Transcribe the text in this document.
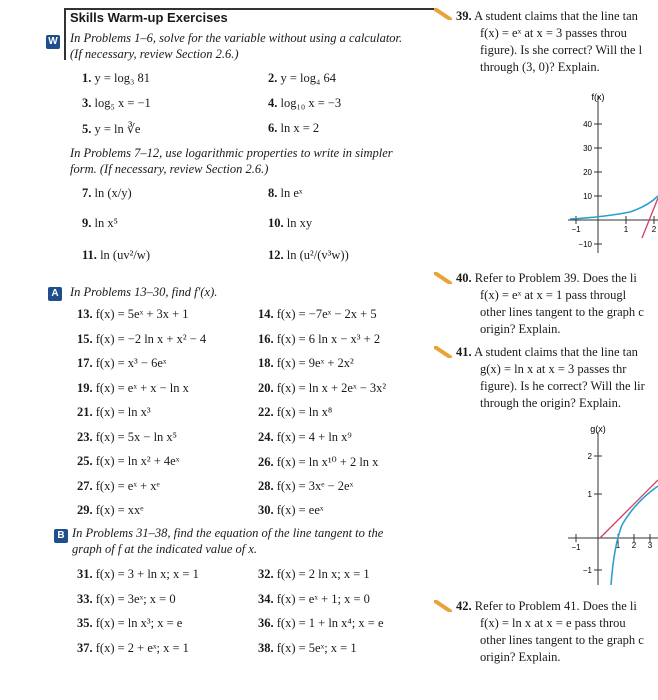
Skills Warm-up Exercises
W In Problems 1–6, solve for the variable without using a calculator.
(If necessary, review Section 2.6.)
1. y = log₃ 81	2. y = log₄ 64
3. log₅ x = −1	4. log₁₀ x = −3
5. y = ln ∛e	6. ln x = 2
In Problems 7–12, use logarithmic properties to write in simpler
form. (If necessary, review Section 2.6.)
7. ln (x/y)	8. ln eˣ
9. ln x⁵	10. ln xy
11. ln (uv²/w)	12. ln (u²/(v³w))
A In Problems 13–30, find f′(x).
13. f(x) = 5eˣ + 3x + 1	14. f(x) = −7eˣ − 2x + 5
15. f(x) = −2 ln x + x² − 4	16. f(x) = 6 ln x − x³ + 2
17. f(x) = x³ − 6eˣ	18. f(x) = 9eˣ + 2x²
19. f(x) = eˣ + x − ln x	20. f(x) = ln x + 2eˣ − 3x²
21. f(x) = ln x³	22. f(x) = ln x⁸
23. f(x) = 5x − ln x⁵	24. f(x) = 4 + ln x⁹
25. f(x) = ln x² + 4eˣ	26. f(x) = ln x¹⁰ + 2 ln x
27. f(x) = eˣ + xᵉ	28. f(x) = 3xᵉ − 2eˣ
29. f(x) = xxᵉ	30. f(x) = eeˣ
B In Problems 31–38, find the equation of the line tangent to the
graph of f at the indicated value of x.
31. f(x) = 3 + ln x; x = 1	32. f(x) = 2 ln x; x = 1
33. f(x) = 3eˣ; x = 0	34. f(x) = eˣ + 1; x = 0
35. f(x) = ln x³; x = e	36. f(x) = 1 + ln x⁴; x = e
37. f(x) = 2 + eˣ; x = 1	38. f(x) = 5eˣ; x = 1
39. A student claims that the line tan
f(x) = eˣ at x = 3 passes throu
figure). Is she correct? Will the l
through (3, 0)? Explain.
f(x)
40
30
20
10
−10
−1	1	2
40. Refer to Problem 39. Does the li
f(x) = eˣ at x = 1 pass througl
other lines tangent to the graph c
origin? Explain.
41. A student claims that the line tan
g(x) = ln x at x = 3 passes thr
figure). Is he correct? Will the lir
through the origin? Explain.
g(x)
2
1
−1
−1	1 2 3
42. Refer to Problem 41. Does the li
f(x) = ln x at x = e pass throu
other lines tangent to the graph c
origin? Explain.
